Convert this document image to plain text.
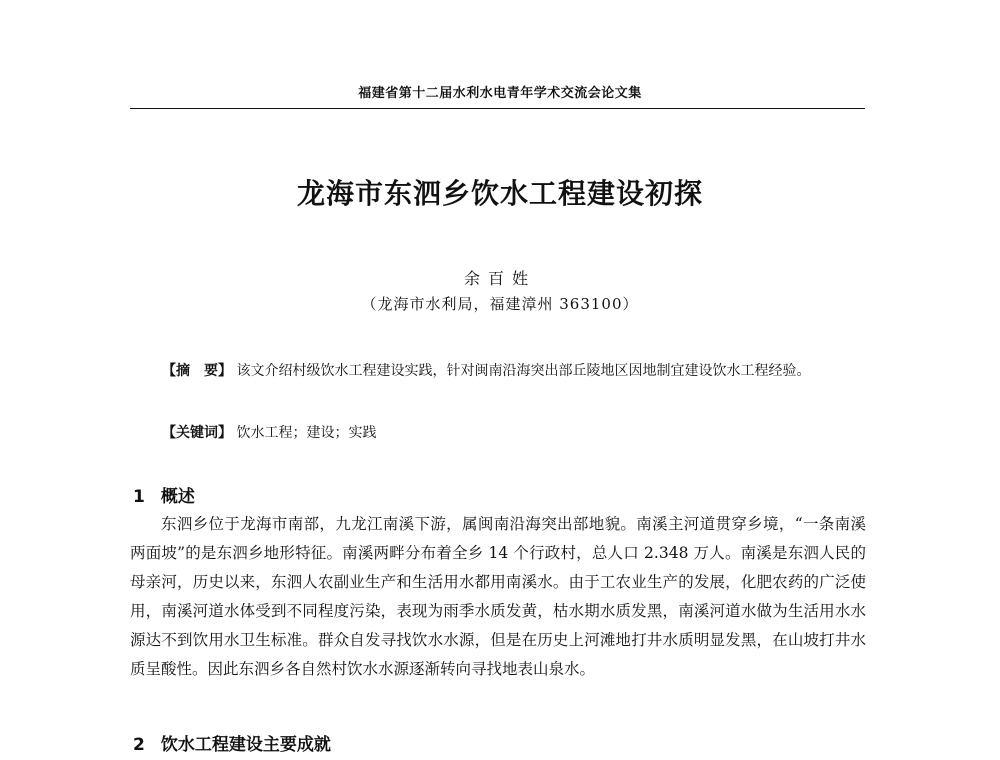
福建省第十二届水利水电青年学术交流会论文集
龙海市东泗乡饮水工程建设初探
余百姓
（龙海市水利局，福建漳州 363100）
【摘　要】 该文介绍村级饮水工程建设实践，针对闽南沿海突出部丘陵地区因地制宜建设饮水工程经验。
【关键词】 饮水工程；建设；实践
1 概述
东泗乡位于龙海市南部，九龙江南溪下游，属闽南沿海突出部地貌。南溪主河道贯穿乡境，“一条南溪两面坡”的是东泗乡地形特征。南溪两畔分布着全乡 14 个行政村，总人口 2.348 万人。南溪是东泗人民的母亲河，历史以来，东泗人农副业生产和生活用水都用南溪水。由于工农业生产的发展，化肥农药的广泛使用，南溪河道水体受到不同程度污染，表现为雨季水质发黄，枯水期水质发黑，南溪河道水做为生活用水水源达不到饮用水卫生标准。群众自发寻找饮水水源，但是在历史上河滩地打井水质明显发黑，在山坡打井水质呈酸性。因此东泗乡各自然村饮水水源逐渐转向寻找地表山泉水。
2 饮水工程建设主要成就
